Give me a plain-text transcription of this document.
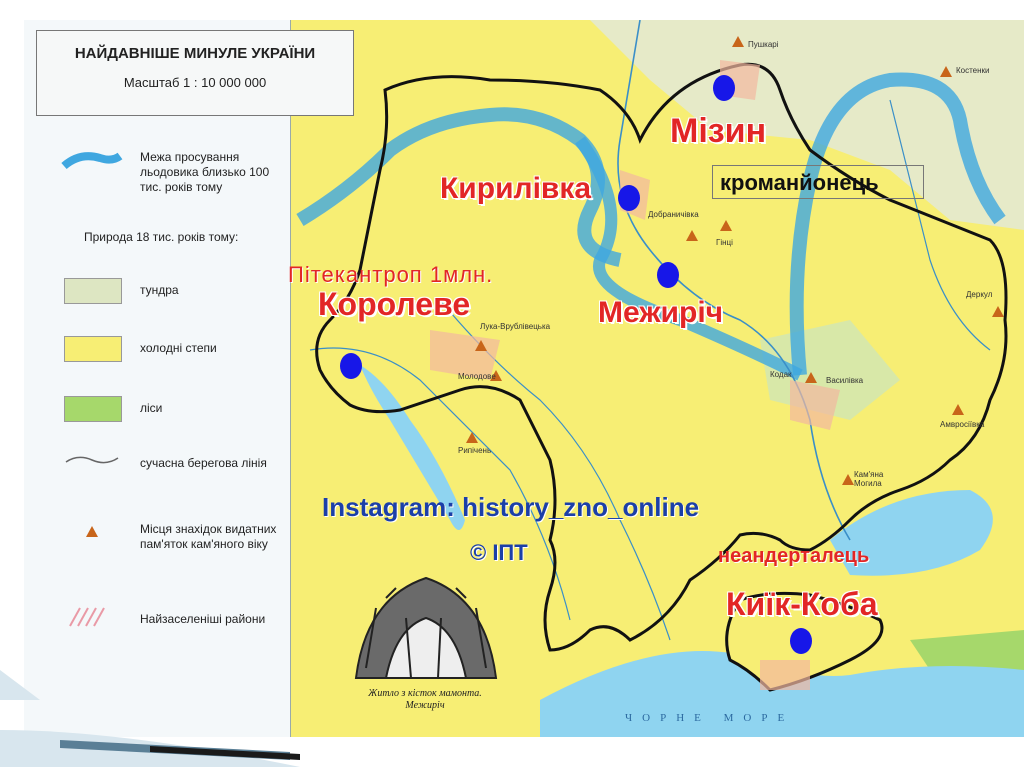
Межа просування льодовика близько 100 тис. років тому
Природа 18 тис. років тому:
тундра
холодні степи
ліси
сучасна берегова лінія
Місця знахідок видатних пам'яток кам'яного віку
Найзаселеніші райони
НАЙДАВНІШЕ МИНУЛЕ УКРАЇНИ
Масштаб 1 : 10 000 000
Пушкарі
Костенки
Добраничівка
Гінці
Деркул
Лука-Врублівецька
Молодове	Кодак
Василівка
Рипічень
Амвросіївка
Кам'яна Могила
Мізин
Кирилівка
Межиріч
Королеве
Киїк-Коба
Пітекантроп 1млн.
кроманйонець
неандерталець
Instagram: history_zno_online
© ІПТ
Житло з кісток мамонта. Межиріч
ЧОРНЕ МОРЕ
